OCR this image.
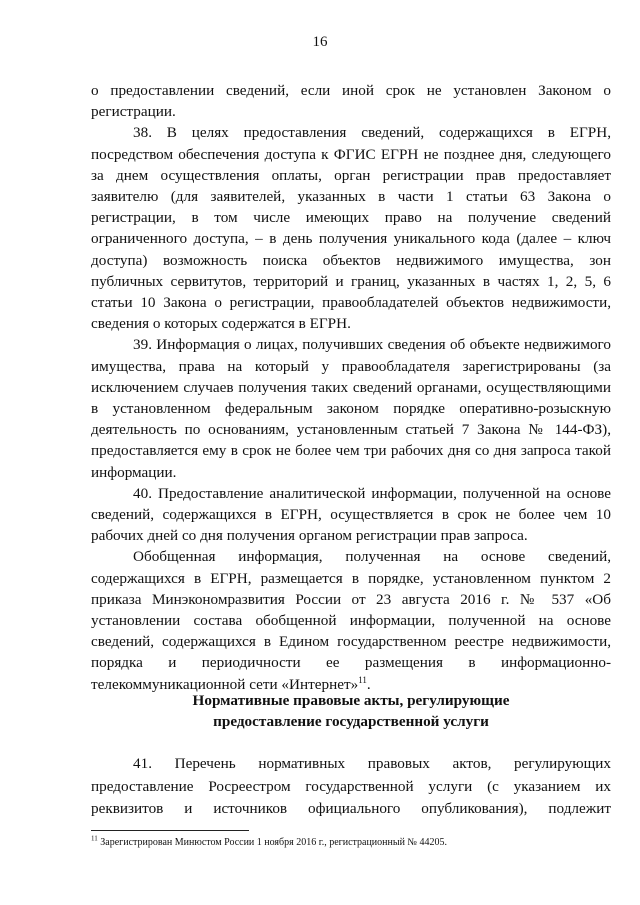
16

о предоставлении сведений, если иной срок не установлен Законом о регистрации.

38. В целях предоставления сведений, содержащихся в ЕГРН, посредством обеспечения доступа к ФГИС ЕГРН не позднее дня, следующего за днем осуществления оплаты, орган регистрации прав предоставляет заявителю (для заявителей, указанных в части 1 статьи 63 Закона о регистрации, в том числе имеющих право на получение сведений ограниченного доступа, – в день получения уникального кода (далее – ключ доступа) возможность поиска объектов недвижимого имущества, зон публичных сервитутов, территорий и границ, указанных в частях 1, 2, 5, 6 статьи 10 Закона о регистрации, правообладателей объектов недвижимости, сведения о которых содержатся в ЕГРН.

39. Информация о лицах, получивших сведения об объекте недвижимого имущества, права на который у правообладателя зарегистрированы (за исключением случаев получения таких сведений органами, осуществляющими в установленном федеральным законом порядке оперативно-розыскную деятельность по основаниям, установленным статьей 7 Закона № 144-ФЗ), предоставляется ему в срок не более чем три рабочих дня со дня запроса такой информации.

40. Предоставление аналитической информации, полученной на основе сведений, содержащихся в ЕГРН, осуществляется в срок не более чем 10 рабочих дней со дня получения органом регистрации прав запроса.

Обобщенная информация, полученная на основе сведений, содержащихся в ЕГРН, размещается в порядке, установленном пунктом 2 приказа Минэкономразвития России от 23 августа 2016 г. № 537 «Об установлении состава обобщенной информации, полученной на основе сведений, содержащихся в Едином государственном реестре недвижимости, порядка и периодичности ее размещения в информационно-телекоммуникационной сети «Интернет»$^{11}$.

Нормативные правовые акты, регулирующие
предоставление государственной услуги

41. Перечень нормативных правовых актов, регулирующих предоставление Росреестром государственной услуги (с указанием их реквизитов и источников официального опубликования), подлежит

$^{11}$ Зарегистрирован Минюстом России 1 ноября 2016 г., регистрационный № 44205.
